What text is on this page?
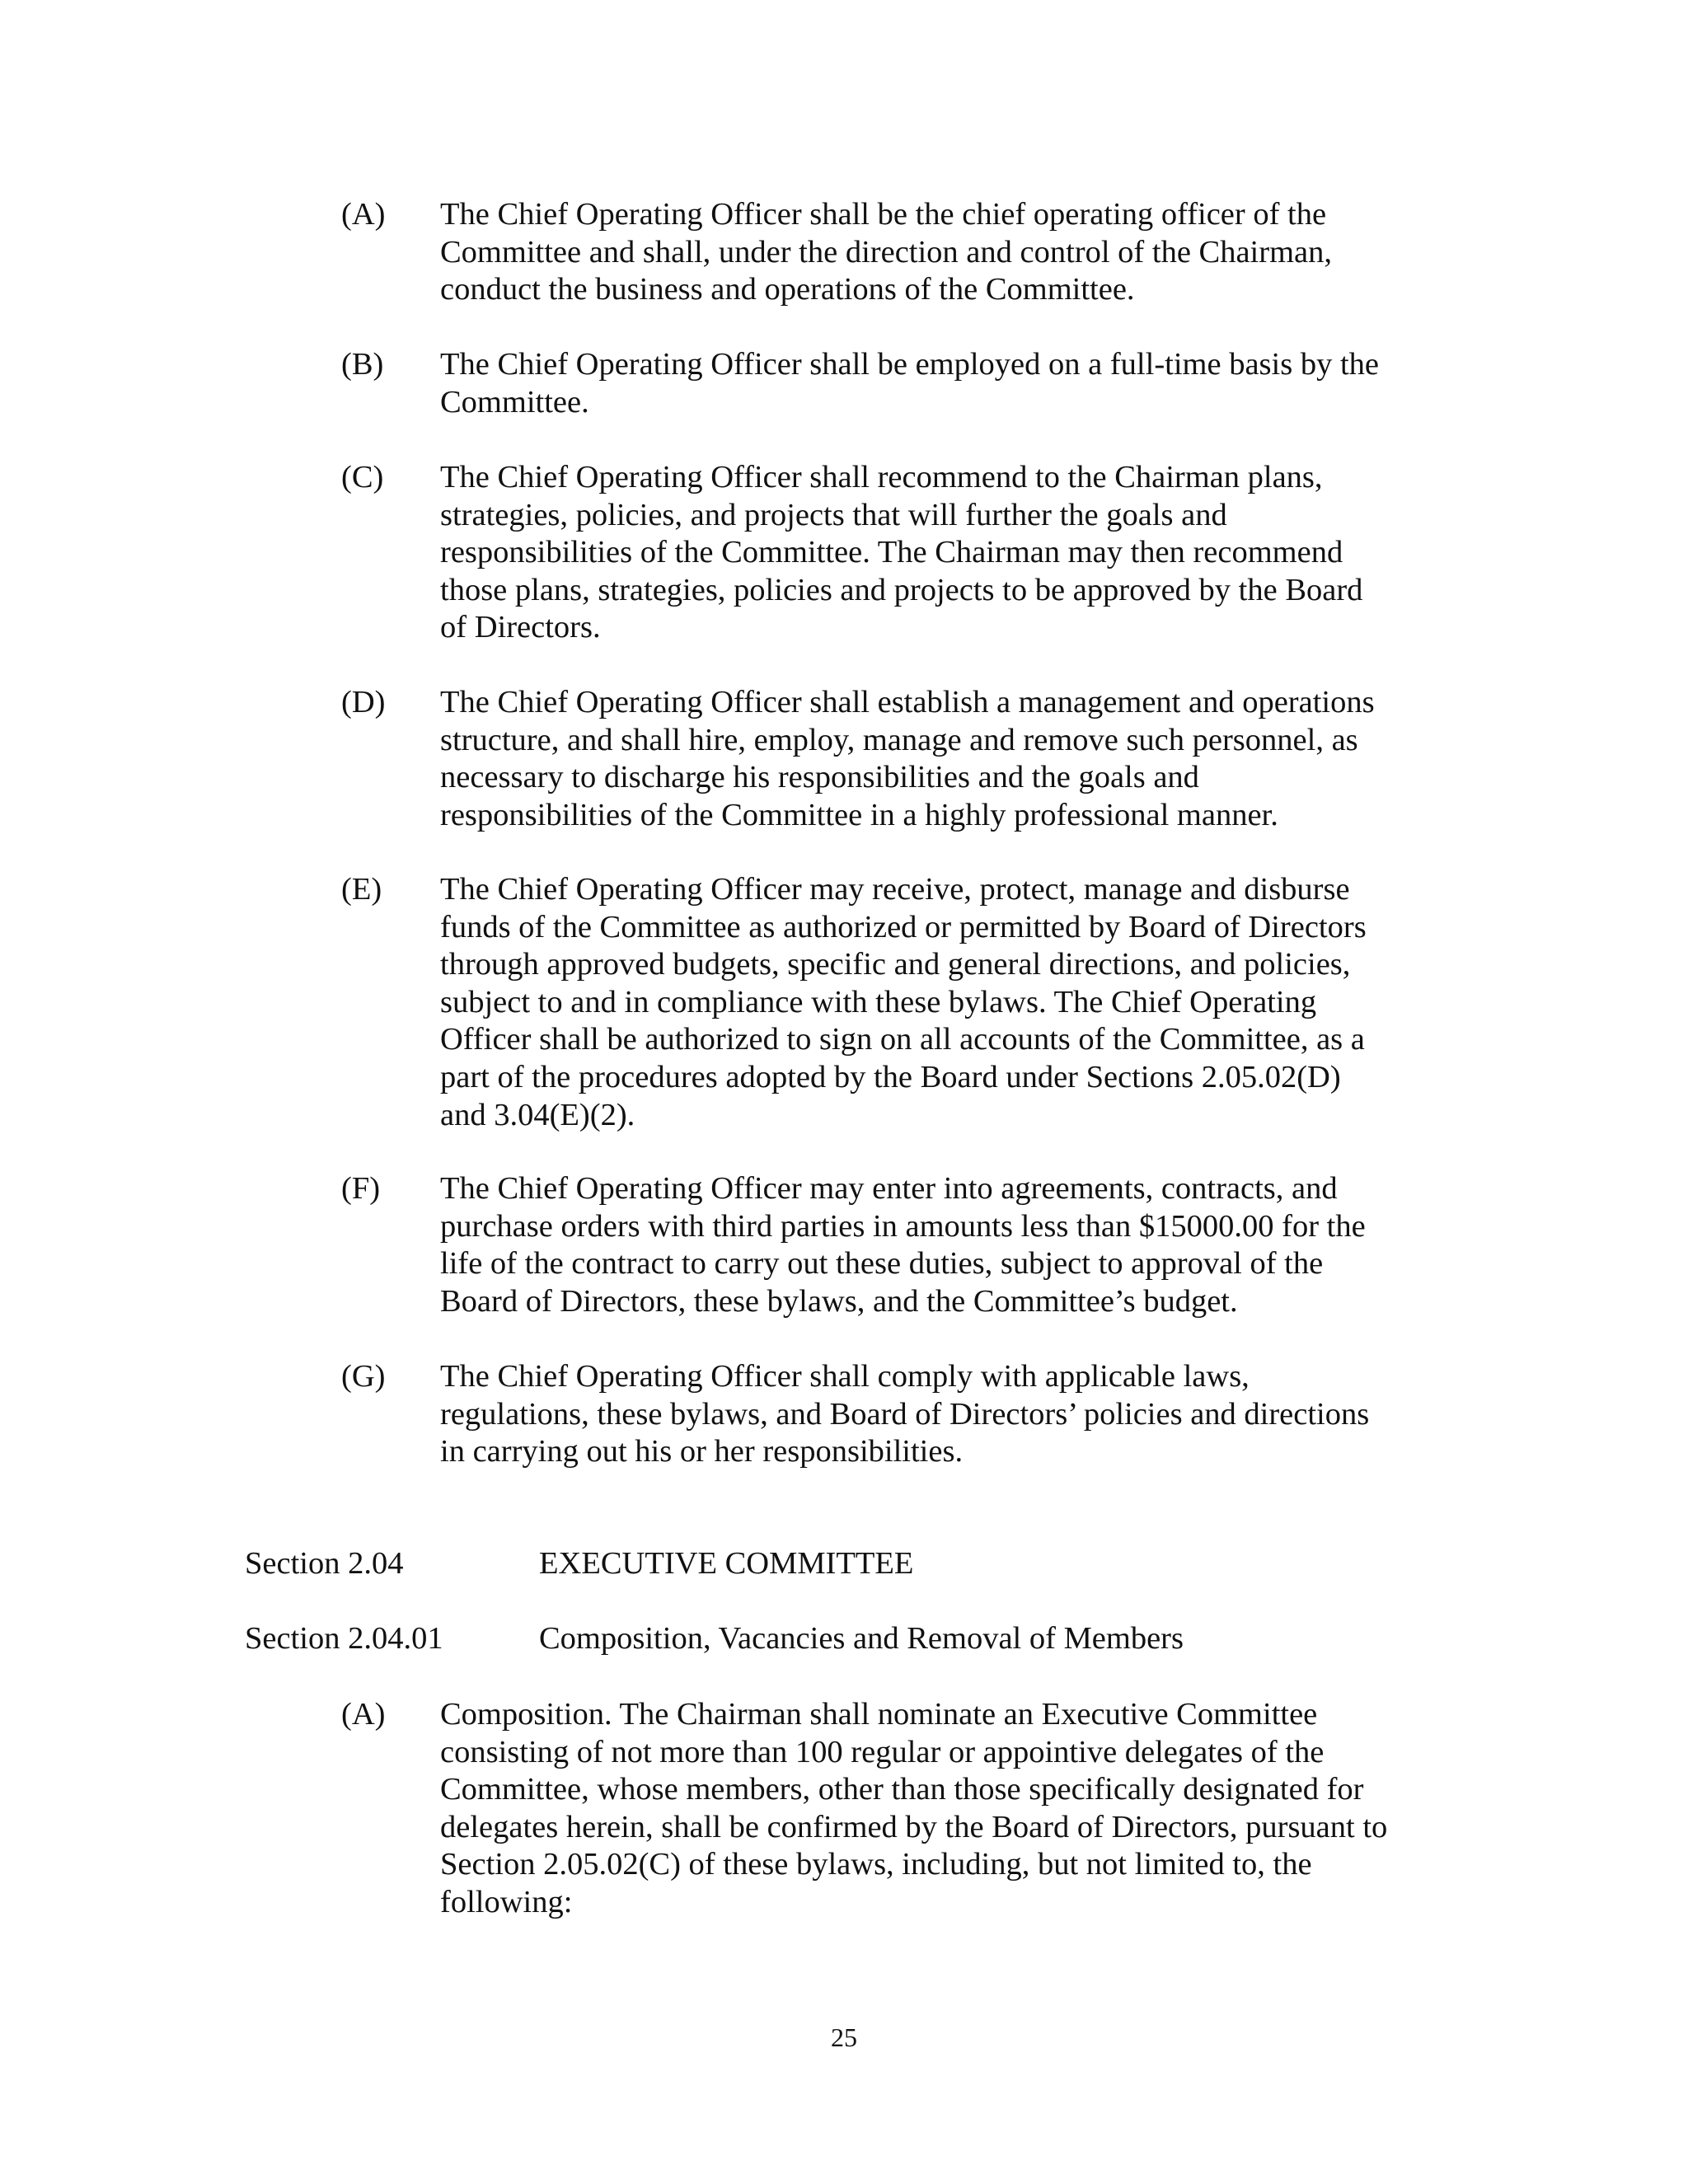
(A)	The Chief Operating Officer shall be the chief operating officer of the
Committee and shall, under the direction and control of the Chairman,
conduct the business and operations of the Committee.
(B)	The Chief Operating Officer shall be employed on a full-time basis by the
Committee.
(C)	The Chief Operating Officer shall recommend to the Chairman plans,
strategies, policies, and projects that will further the goals and
responsibilities of the Committee. The Chairman may then recommend
those plans, strategies, policies and projects to be approved by the Board
of Directors.
(D)	The Chief Operating Officer shall establish a management and operations
structure, and shall hire, employ, manage and remove such personnel, as
necessary to discharge his responsibilities and the goals and
responsibilities of the Committee in a highly professional manner.
(E)	The Chief Operating Officer may receive, protect, manage and disburse
funds of the Committee as authorized or permitted by Board of Directors
through approved budgets, specific and general directions, and policies,
subject to and in compliance with these bylaws. The Chief Operating
Officer shall be authorized to sign on all accounts of the Committee, as a
part of the procedures adopted by the Board under Sections 2.05.02(D)
and 3.04(E)(2).
(F)	The Chief Operating Officer may enter into agreements, contracts, and
purchase orders with third parties in amounts less than $15000.00 for the
life of the contract to carry out these duties, subject to approval of the
Board of Directors, these bylaws, and the Committee’s budget.
(G)	The Chief Operating Officer shall comply with applicable laws,
regulations, these bylaws, and Board of Directors’ policies and directions
in carrying out his or her responsibilities.
Section 2.04	EXECUTIVE COMMITTEE
Section 2.04.01	Composition, Vacancies and Removal of Members
(A)	Composition. The Chairman shall nominate an Executive Committee
consisting of not more than 100 regular or appointive delegates of the
Committee, whose members, other than those specifically designated for
delegates herein, shall be confirmed by the Board of Directors, pursuant to
Section 2.05.02(C) of these bylaws, including, but not limited to, the
following:
25
